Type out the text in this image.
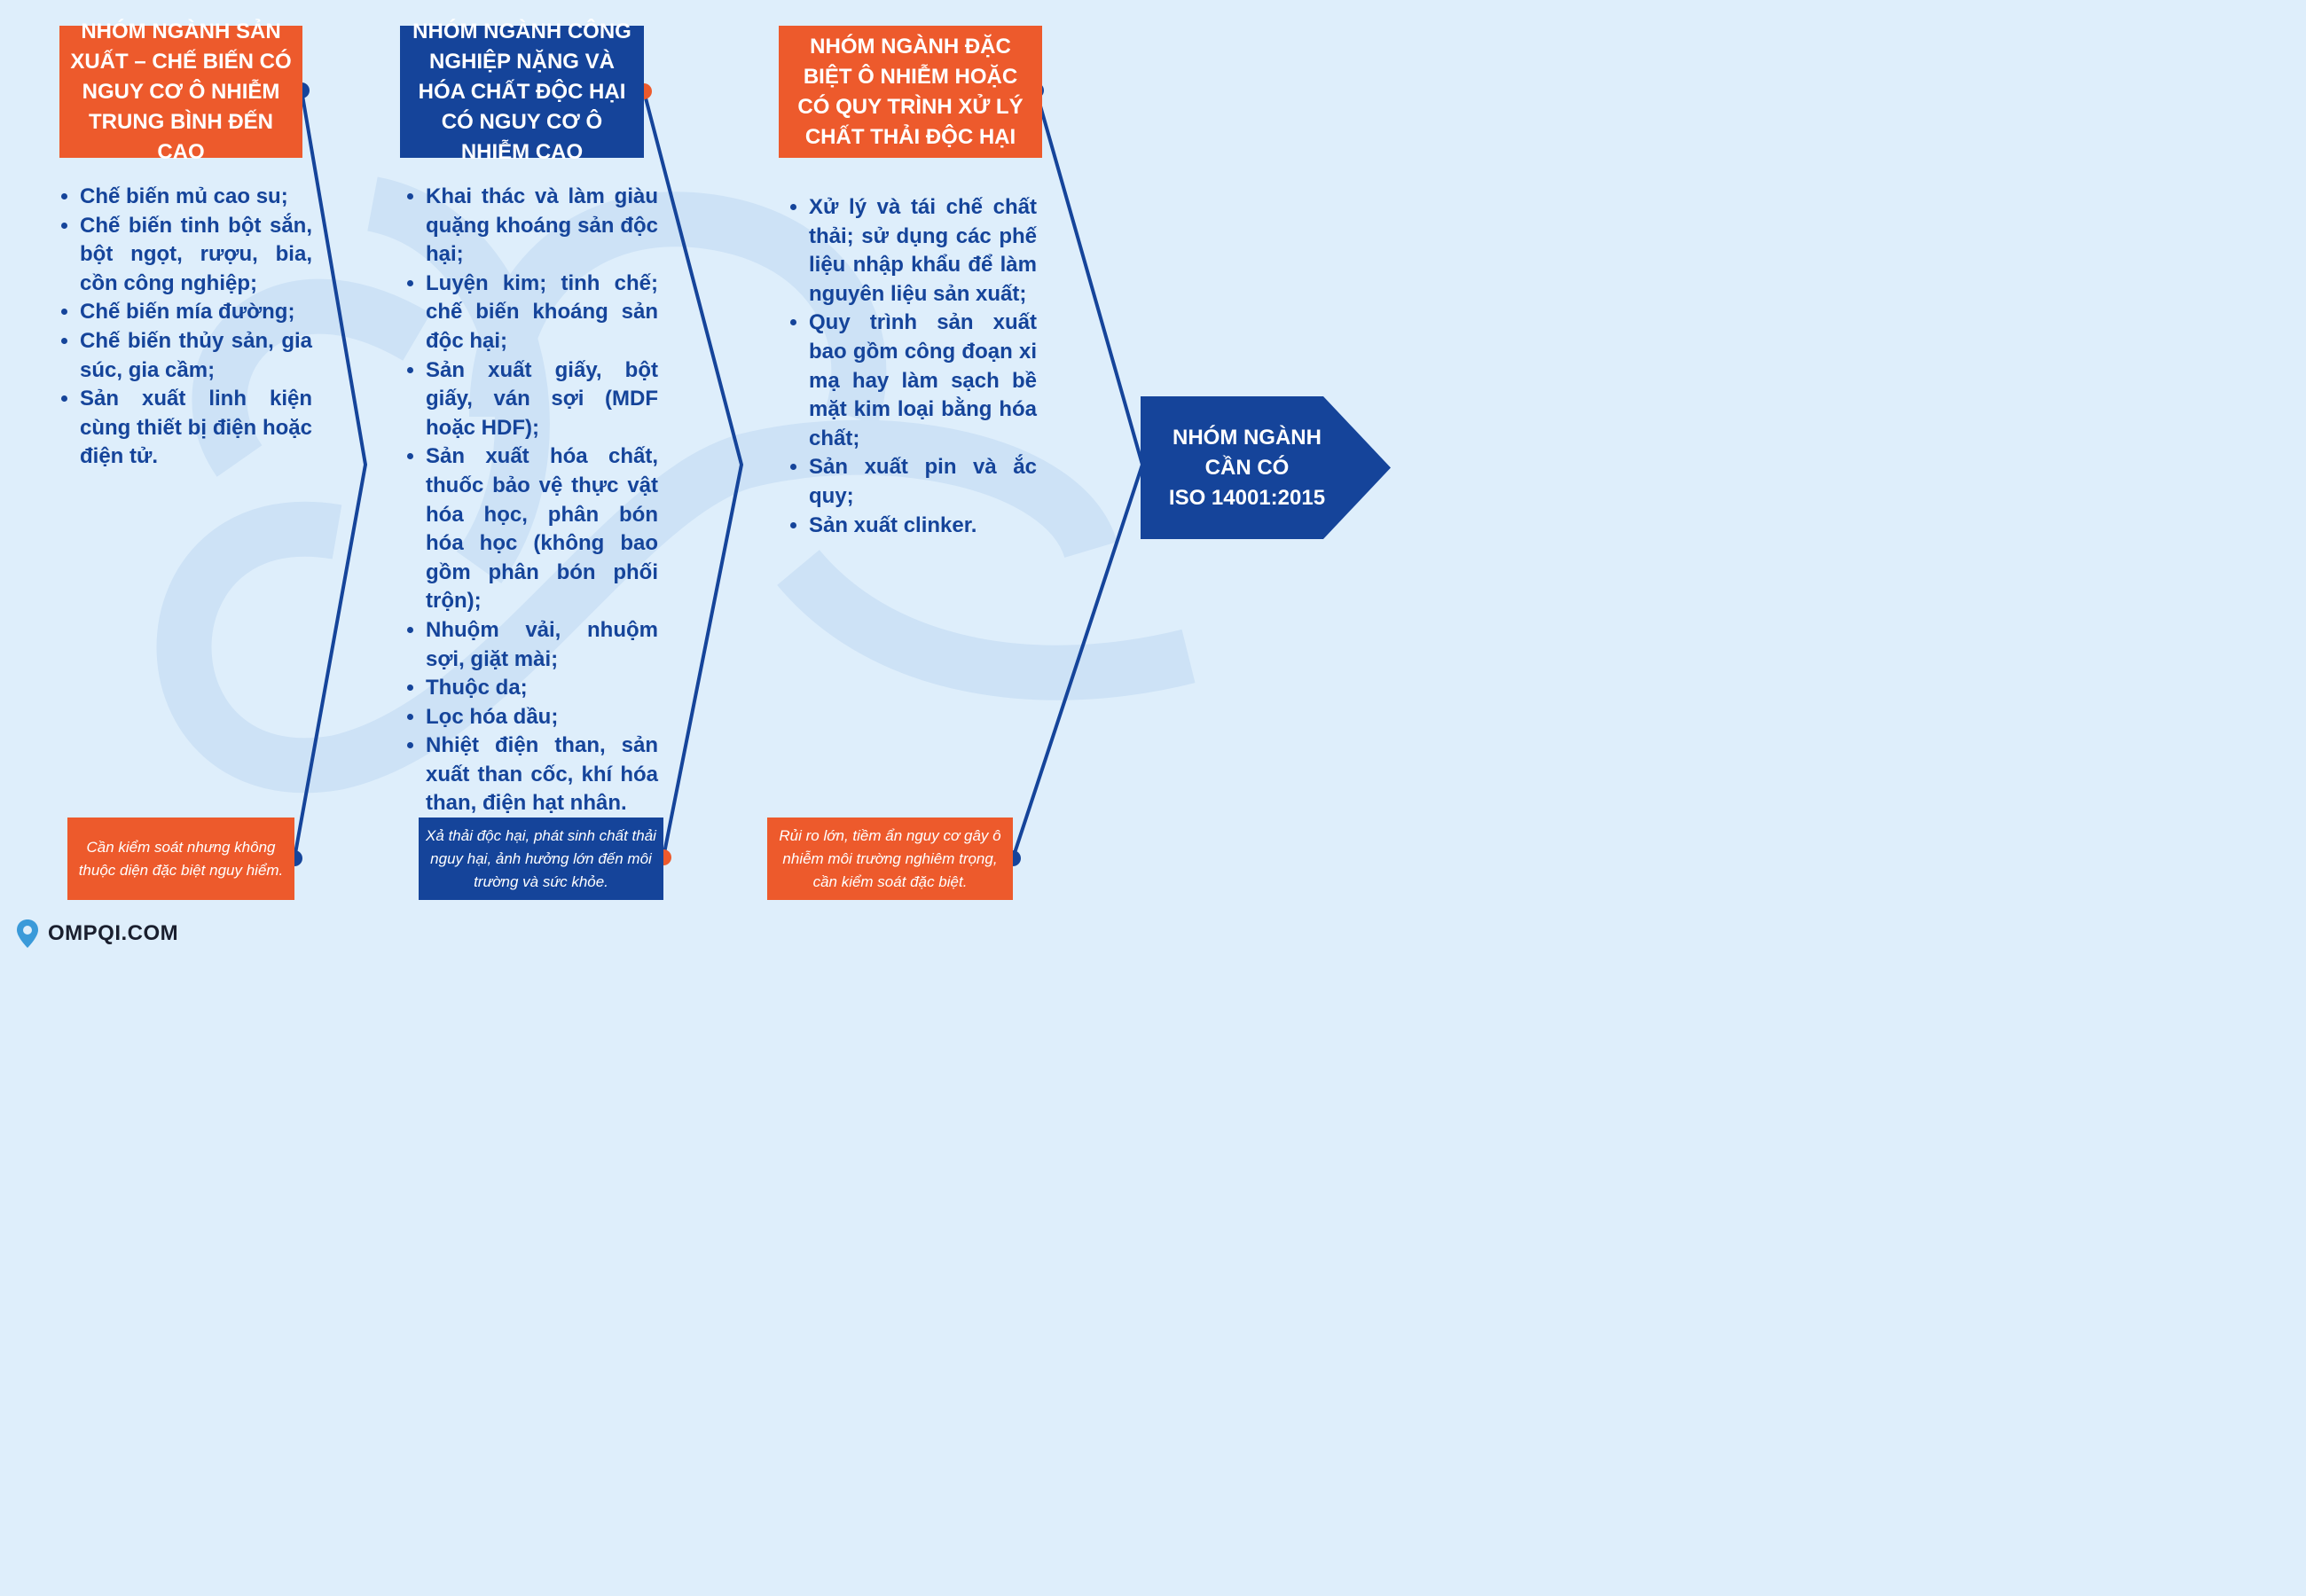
NHÓM NGÀNH SẢN XUẤT – CHẾ BIẾN CÓ NGUY CƠ Ô NHIỄM TRUNG BÌNH ĐẾN CAO
• Chế biến mủ cao su;
• Chế biến tinh bột sắn, bột ngọt, rượu, bia, cồn công nghiệp;
• Chế biến mía đường;
• Chế biến thủy sản, gia súc, gia cầm;
• Sản xuất linh kiện cùng thiết bị điện hoặc điện tử.
Cần kiểm soát nhưng không thuộc diện đặc biệt nguy hiểm.
NHÓM NGÀNH CÔNG NGHIỆP NẶNG VÀ HÓA CHẤT ĐỘC HẠI CÓ NGUY CƠ Ô NHIỄM CAO
• Khai thác và làm giàu quặng khoáng sản độc hại;
• Luyện kim; tinh chế; chế biến khoáng sản độc hại;
• Sản xuất giấy, bột giấy, ván sợi (MDF hoặc HDF);
• Sản xuất hóa chất, thuốc bảo vệ thực vật hóa học, phân bón hóa học (không bao gồm phân bón phối trộn);
• Nhuộm vải, nhuộm sợi, giặt mài;
• Thuộc da;
• Lọc hóa dầu;
• Nhiệt điện than, sản xuất than cốc, khí hóa than, điện hạt nhân.
Xả thải độc hại, phát sinh chất thải nguy hại, ảnh hưởng lớn đến môi trường và sức khỏe.
NHÓM NGÀNH ĐẶC BIỆT Ô NHIỄM HOẶC CÓ QUY TRÌNH XỬ LÝ CHẤT THẢI ĐỘC HẠI
• Xử lý và tái chế chất thải; sử dụng các phế liệu nhập khẩu để làm nguyên liệu sản xuất;
• Quy trình sản xuất bao gồm công đoạn xi mạ hay làm sạch bề mặt kim loại bằng hóa chất;
• Sản xuất pin và ắc quy;
• Sản xuất clinker.
Rủi ro lớn, tiềm ẩn nguy cơ gây ô nhiễm môi trường nghiêm trọng, cần kiểm soát đặc biệt.
NHÓM NGÀNH
CẦN CÓ
ISO 14001:2015
OMPQI.COM
